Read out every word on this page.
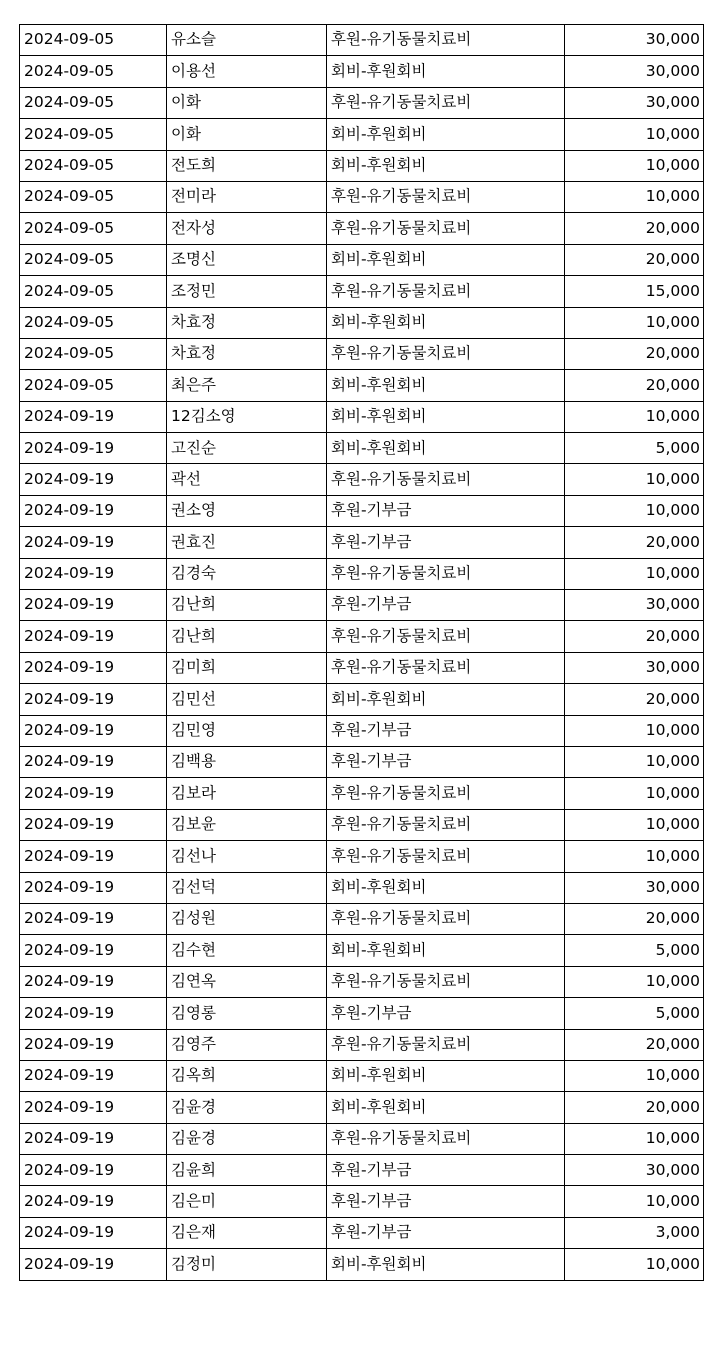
2024-09-05	유소슬	후원-유기동물치료비	30,000
2024-09-05	이용선	회비-후원회비	30,000
2024-09-05	이화	후원-유기동물치료비	30,000
2024-09-05	이화	회비-후원회비	10,000
2024-09-05	전도희	회비-후원회비	10,000
2024-09-05	전미라	후원-유기동물치료비	10,000
2024-09-05	전자성	후원-유기동물치료비	20,000
2024-09-05	조명신	회비-후원회비	20,000
2024-09-05	조정민	후원-유기동물치료비	15,000
2024-09-05	차효정	회비-후원회비	10,000
2024-09-05	차효정	후원-유기동물치료비	20,000
2024-09-05	최은주	회비-후원회비	20,000
2024-09-19	12김소영	회비-후원회비	10,000
2024-09-19	고진순	회비-후원회비	5,000
2024-09-19	곽선	후원-유기동물치료비	10,000
2024-09-19	권소영	후원-기부금	10,000
2024-09-19	권효진	후원-기부금	20,000
2024-09-19	김경숙	후원-유기동물치료비	10,000
2024-09-19	김난희	후원-기부금	30,000
2024-09-19	김난희	후원-유기동물치료비	20,000
2024-09-19	김미희	후원-유기동물치료비	30,000
2024-09-19	김민선	회비-후원회비	20,000
2024-09-19	김민영	후원-기부금	10,000
2024-09-19	김백용	후원-기부금	10,000
2024-09-19	김보라	후원-유기동물치료비	10,000
2024-09-19	김보윤	후원-유기동물치료비	10,000
2024-09-19	김선나	후원-유기동물치료비	10,000
2024-09-19	김선덕	회비-후원회비	30,000
2024-09-19	김성원	후원-유기동물치료비	20,000
2024-09-19	김수현	회비-후원회비	5,000
2024-09-19	김연옥	후원-유기동물치료비	10,000
2024-09-19	김영롱	후원-기부금	5,000
2024-09-19	김영주	후원-유기동물치료비	20,000
2024-09-19	김옥희	회비-후원회비	10,000
2024-09-19	김윤경	회비-후원회비	20,000
2024-09-19	김윤경	후원-유기동물치료비	10,000
2024-09-19	김윤희	후원-기부금	30,000
2024-09-19	김은미	후원-기부금	10,000
2024-09-19	김은재	후원-기부금	3,000
2024-09-19	김정미	회비-후원회비	10,000
